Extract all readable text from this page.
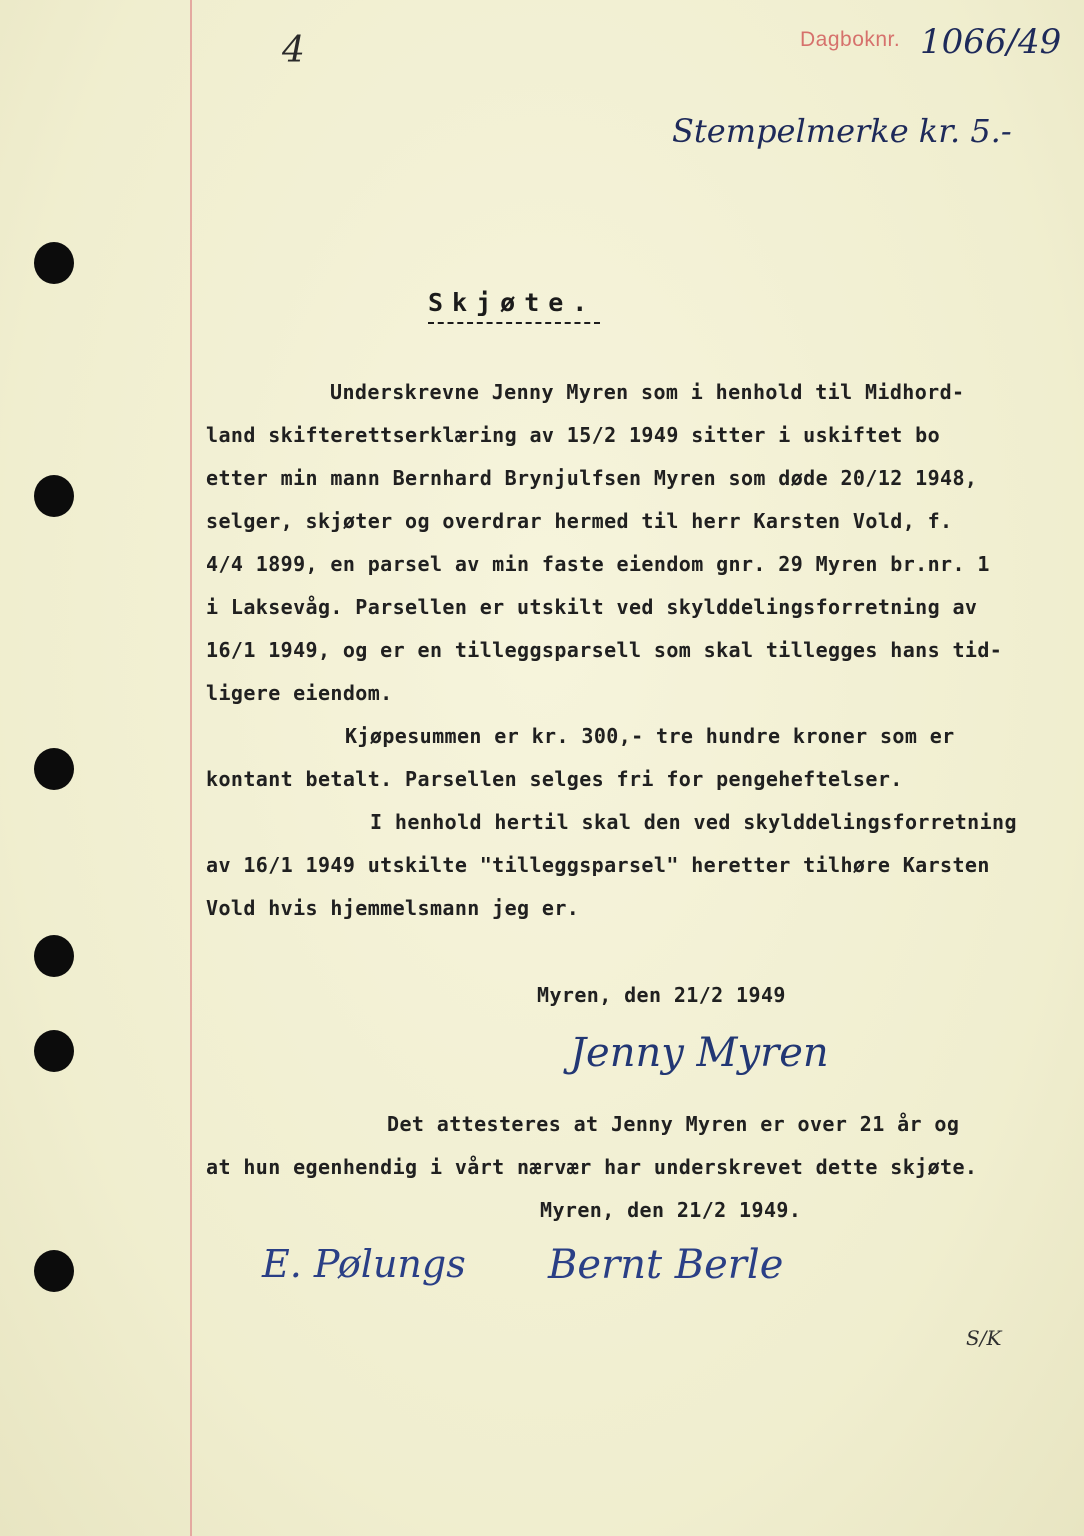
Dagboknr. 1066/49
4
Stempelmerke kr. 5.-
Skjøte.
Underskrevne Jenny Myren som i henhold til Midhord-
land skifterettserklæring av 15/2 1949 sitter i uskiftet bo
etter min mann Bernhard Brynjulfsen Myren som døde 20/12 1948,
selger, skjøter og overdrar hermed til herr Karsten Vold, f.
4/4 1899, en parsel av min faste eiendom gnr. 29 Myren br.nr. 1
i Laksevåg. Parsellen er utskilt ved skylddelingsforretning av
16/1 1949, og er en tilleggsparsell som skal tillegges hans tid-
ligere eiendom.
Kjøpesummen er kr. 300,- tre hundre kroner som er
kontant betalt. Parsellen selges fri for pengeheftelser.
I henhold hertil skal den ved skylddelingsforretning
av 16/1 1949 utskilte "tilleggsparsel" heretter tilhøre Karsten
Vold hvis hjemmelsmann jeg er.
Myren, den 21/2 1949
Jenny Myren
Det attesteres at Jenny Myren er over 21 år og
at hun egenhendig i vårt nærvær har underskrevet dette skjøte.
Myren, den 21/2 1949.
E. Pølungs Bernt Berle
S/K
